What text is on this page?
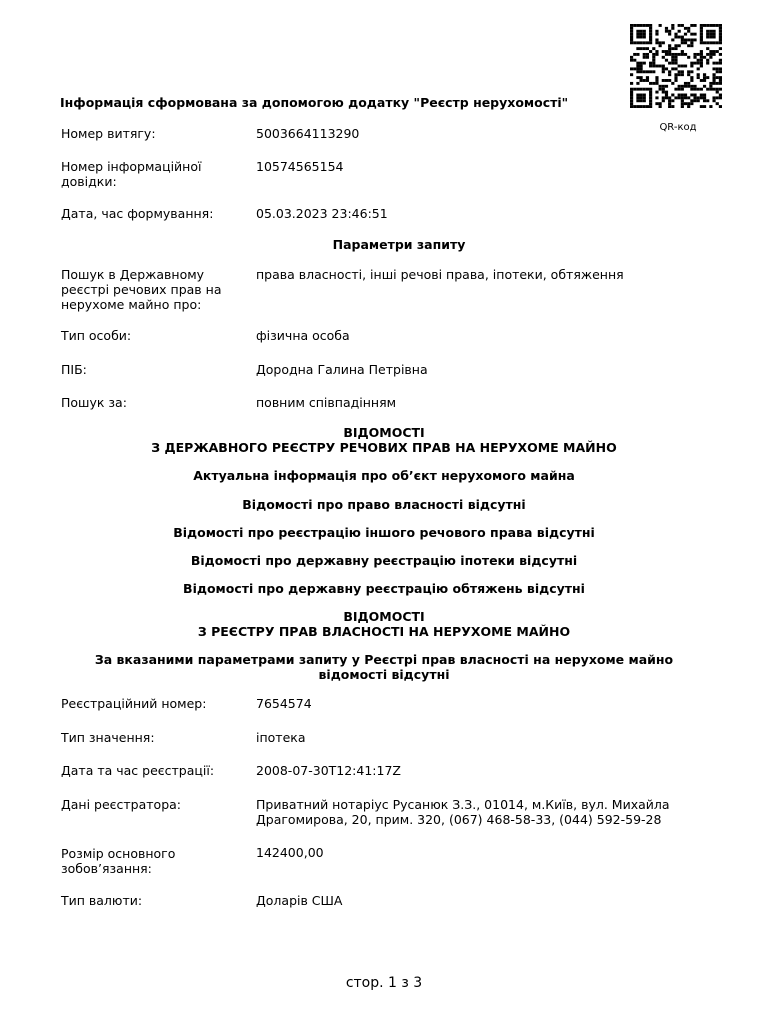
QR-код
Інформація сформована за допомогою додатку "Реєстр нерухомості"
Номер витягу:	5003664113290
Номер інформаційної довідки:
10574565154
Дата, час формування:	05.03.2023 23:46:51
Параметри запиту
Пошук в Державному реєстрі речових прав на нерухоме майно про:
права власності, інші речові права, іпотеки, обтяження
Тип особи:	фізична особа
ПІБ:	Дородна Галина Петрівна
Пошук за:	повним співпадінням
ВІДОМОСТІ
З ДЕРЖАВНОГО РЕЄСТРУ РЕЧОВИХ ПРАВ НА НЕРУХОМЕ МАЙНО
Актуальна інформація про об’єкт нерухомого майна
Відомості про право власності відсутні
Відомості про реєстрацію іншого речового права відсутні
Відомості про державну реєстрацію іпотеки відсутні
Відомості про державну реєстрацію обтяжень відсутні
ВІДОМОСТІ
З РЕЄСТРУ ПРАВ ВЛАСНОСТІ НА НЕРУХОМЕ МАЙНО
За вказаними параметрами запиту у Реєстрі прав власності на нерухоме майно
відомості відсутні
Реєстраційний номер:	7654574
Тип значення:	іпотека
Дата та час реєстрації:	2008-07-30T12:41:17Z
Дані реєстратора:	Приватний нотаріус Русанюк З.З., 01014, м.Київ, вул. Михайла Драгомирова, 20, прим. 320, (067) 468-58-33, (044) 592-59-28
Розмір основного зобов’язання:
142400,00
Тип валюти:	Доларів США
стор. 1 з 3
